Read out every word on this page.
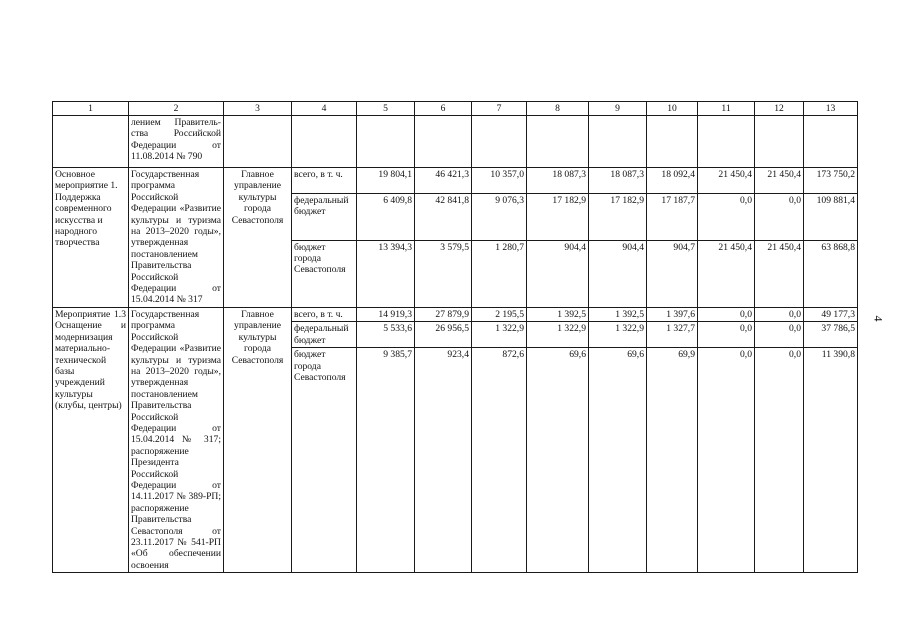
1	2	3	4	5	6	7	8	9	10	11	12	13
	лением Правитель-ства Российской Федерации от 11.08.2014 № 790											
Основное мероприятие 1. Поддержка современного искусства и народного творчества	Государственная программа Российской Федерации «Развитие культуры и туризма на 2013–2020 годы», утвержденная постановлением Правительства Российской Федерации от 15.04.2014 № 317	Главное управление культуры города Севастополя	всего, в т. ч.	19 804,1	46 421,3	10 357,0	18 087,3	18 087,3	18 092,4	21 450,4	21 450,4	173 750,2
			федеральный бюджет	6 409,8	42 841,8	9 076,3	17 182,9	17 182,9	17 187,7	0,0	0,0	109 881,4
			бюджет города Севастополя	13 394,3	3 579,5	1 280,7	904,4	904,4	904,7	21 450,4	21 450,4	63 868,8
Мероприятие 1.3 Оснащение и модернизация материально-технической базы учреждений культуры (клубы, центры)	Государственная программа Российской Федерации «Развитие культуры и туризма на 2013–2020 годы», утвержденная постановлением Правительства Российской Федерации от 15.04.2014 № 317; распоряжение Президента Российской Федерации от 14.11.2017 № 389-РП; распоряжение Правительства Севастополя от 23.11.2017 № 541-РП «Об обеспечении освоения	Главное управление культуры города Севастополя	всего, в т. ч.	14 919,3	27 879,9	2 195,5	1 392,5	1 392,5	1 397,6	0,0	0,0	49 177,3
			федеральный бюджет	5 533,6	26 956,5	1 322,9	1 322,9	1 322,9	1 327,7	0,0	0,0	37 786,5
			бюджет города Севастополя	9 385,7	923,4	872,6	69,6	69,6	69,9	0,0	0,0	11 390,8
4
